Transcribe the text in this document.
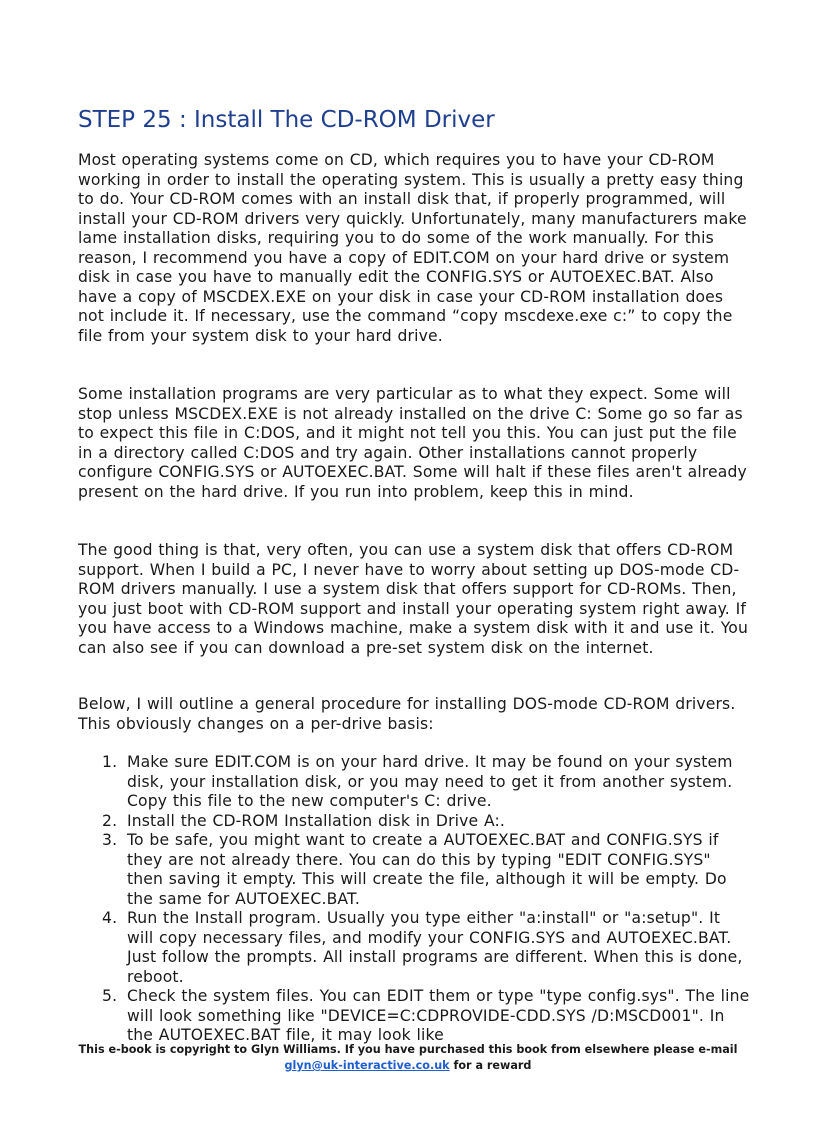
STEP 25 : Install The CD-ROM Driver

Most operating systems come on CD, which requires you to have your CD-ROM working in order to install the operating system. This is usually a pretty easy thing to do. Your CD-ROM comes with an install disk that, if properly programmed, will install your CD-ROM drivers very quickly. Unfortunately, many manufacturers make lame installation disks, requiring you to do some of the work manually. For this reason, I recommend you have a copy of EDIT.COM on your hard drive or system disk in case you have to manually edit the CONFIG.SYS or AUTOEXEC.BAT. Also have a copy of MSCDEX.EXE on your disk in case your CD-ROM installation does not include it. If necessary, use the command “copy mscdexe.exe c:” to copy the file from your system disk to your hard drive.

Some installation programs are very particular as to what they expect. Some will stop unless MSCDEX.EXE is not already installed on the drive C: Some go so far as to expect this file in C:DOS, and it might not tell you this. You can just put the file in a directory called C:DOS and try again. Other installations cannot properly configure CONFIG.SYS or AUTOEXEC.BAT. Some will halt if these files aren't already present on the hard drive. If you run into problem, keep this in mind.

The good thing is that, very often, you can use a system disk that offers CD-ROM support. When I build a PC, I never have to worry about setting up DOS-mode CD-ROM drivers manually. I use a system disk that offers support for CD-ROMs. Then, you just boot with CD-ROM support and install your operating system right away. If you have access to a Windows machine, make a system disk with it and use it. You can also see if you can download a pre-set system disk on the internet.

Below, I will outline a general procedure for installing DOS-mode CD-ROM drivers. This obviously changes on a per-drive basis:

1. Make sure EDIT.COM is on your hard drive. It may be found on your system disk, your installation disk, or you may need to get it from another system. Copy this file to the new computer's C: drive.
2. Install the CD-ROM Installation disk in Drive A:.
3. To be safe, you might want to create a AUTOEXEC.BAT and CONFIG.SYS if they are not already there. You can do this by typing "EDIT CONFIG.SYS" then saving it empty. This will create the file, although it will be empty. Do the same for AUTOEXEC.BAT.
4. Run the Install program. Usually you type either "a:install" or "a:setup". It will copy necessary files, and modify your CONFIG.SYS and AUTOEXEC.BAT. Just follow the prompts. All install programs are different. When this is done, reboot.
5. Check the system files. You can EDIT them or type "type config.sys". The line will look something like "DEVICE=C:CDPROVIDE-CDD.SYS /D:MSCD001". In the AUTOEXEC.BAT file, it may look like
This e-book is copyright to Glyn Williams. If you have purchased this book from elsewhere please e-mail glyn@uk-interactive.co.uk for a reward
